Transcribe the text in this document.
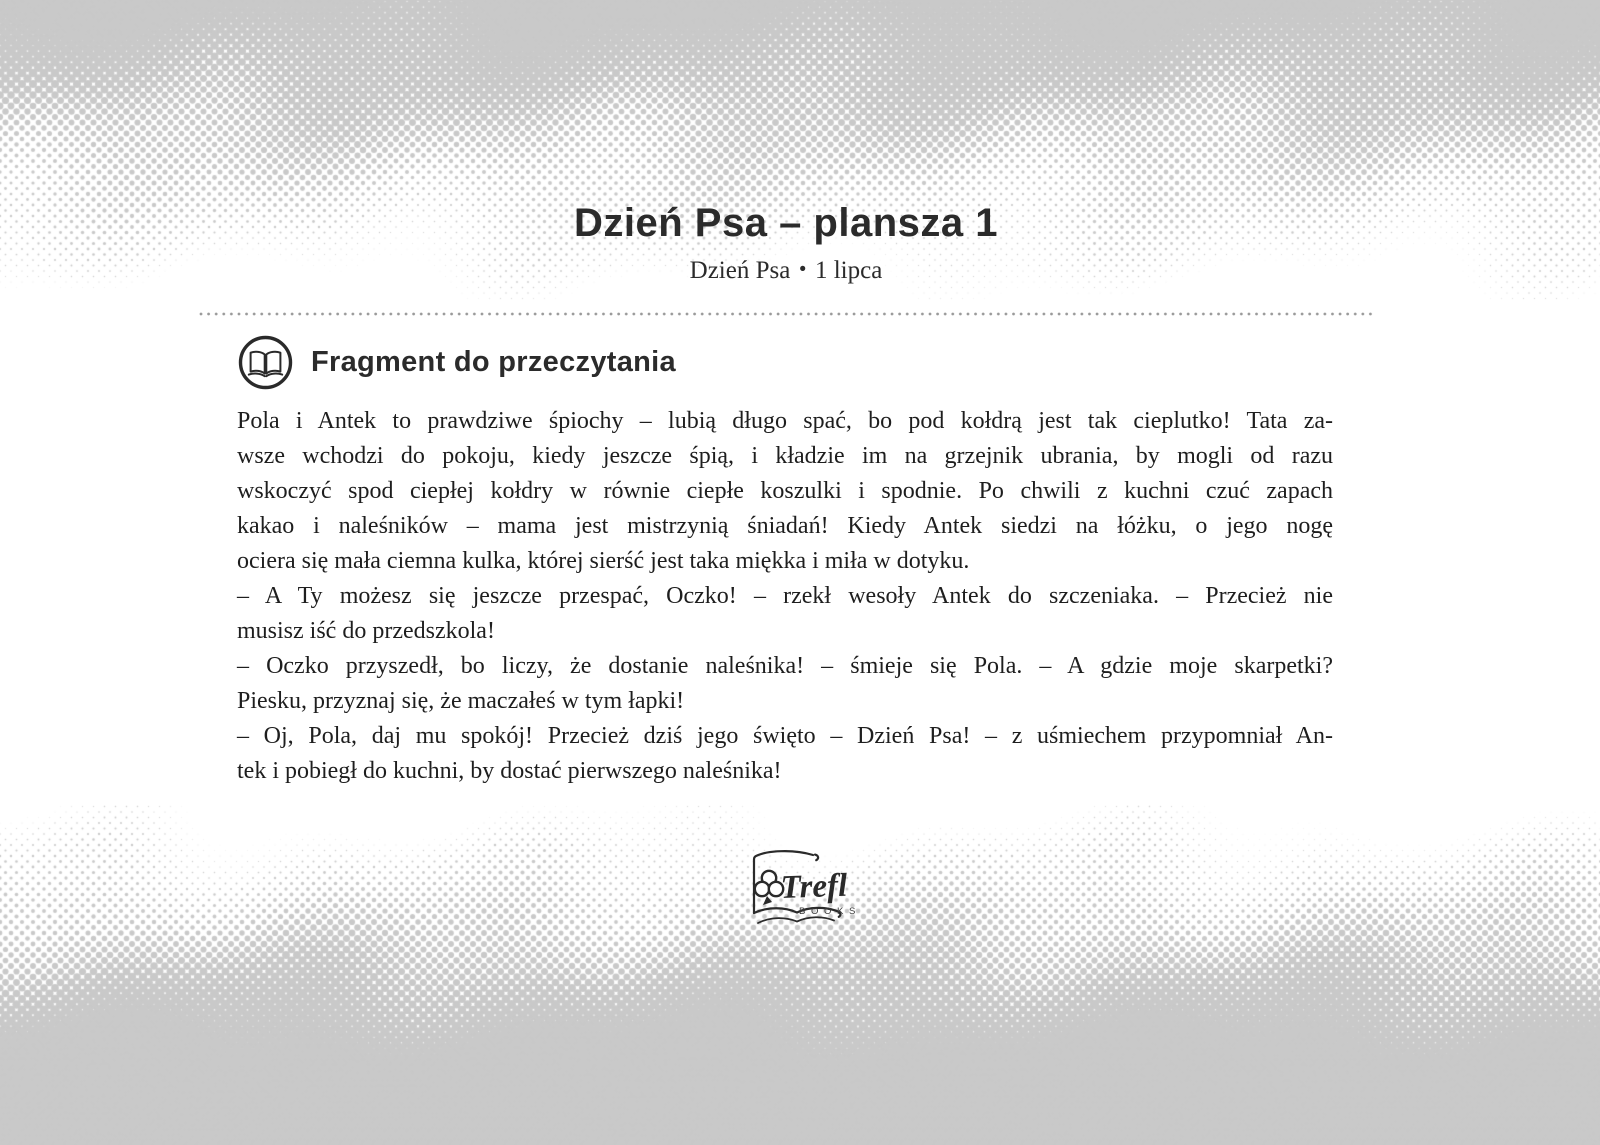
Dzień Psa – plansza 1
Dzień Psa • 1 lipca
Fragment do przeczytania
Pola i Antek to prawdziwe śpiochy – lubią długo spać, bo pod kołdrą jest tak cieplutko! Tata za-
wsze wchodzi do pokoju, kiedy jeszcze śpią, i kładzie im na grzejnik ubrania, by mogli od razu
wskoczyć spod ciepłej kołdry w równie ciepłe koszulki i spodnie. Po chwili z kuchni czuć zapach
kakao i naleśników – mama jest mistrzynią śniadań! Kiedy Antek siedzi na łóżku, o jego nogę
ociera się mała ciemna kulka, której sierść jest taka miękka i miła w dotyku.
– A Ty możesz się jeszcze przespać, Oczko! – rzekł wesoły Antek do szczeniaka. – Przecież nie
musisz iść do przedszkola!
– Oczko przyszedł, bo liczy, że dostanie naleśnika! – śmieje się Pola. – A gdzie moje skarpetki?
Piesku, przyznaj się, że maczałeś w tym łapki!
– Oj, Pola, daj mu spokój! Przecież dziś jego święto – Dzień Psa! – z uśmiechem przypomniał An-
tek i pobiegł do kuchni, by dostać pierwszego naleśnika!
Trefl
B O O K S
